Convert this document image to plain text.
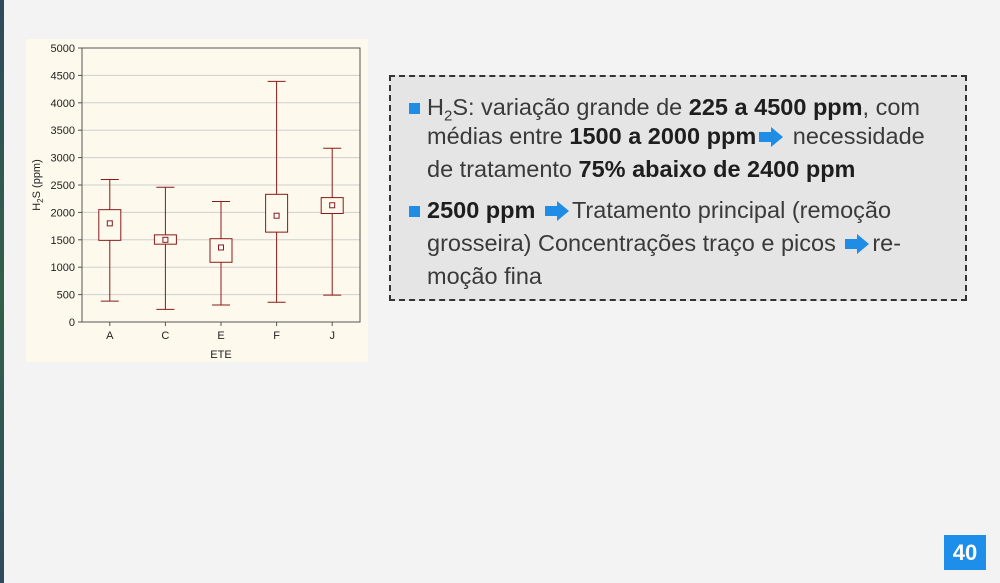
0
500
1000
1500
2000
2500
3000
3500
4000
4500
5000
A	C	E	F	J
ETE
$H_2S$ (ppm)
$H_2S$: variação grande de 225 a 4500 ppm, com médias entre 1500 a 2000 ppm necessidade de tratamento 75% abaixo de 2400 ppm
2500 ppm Tratamento principal (remoção grosseira) Concentrações traço e picos re-moção fina
40
